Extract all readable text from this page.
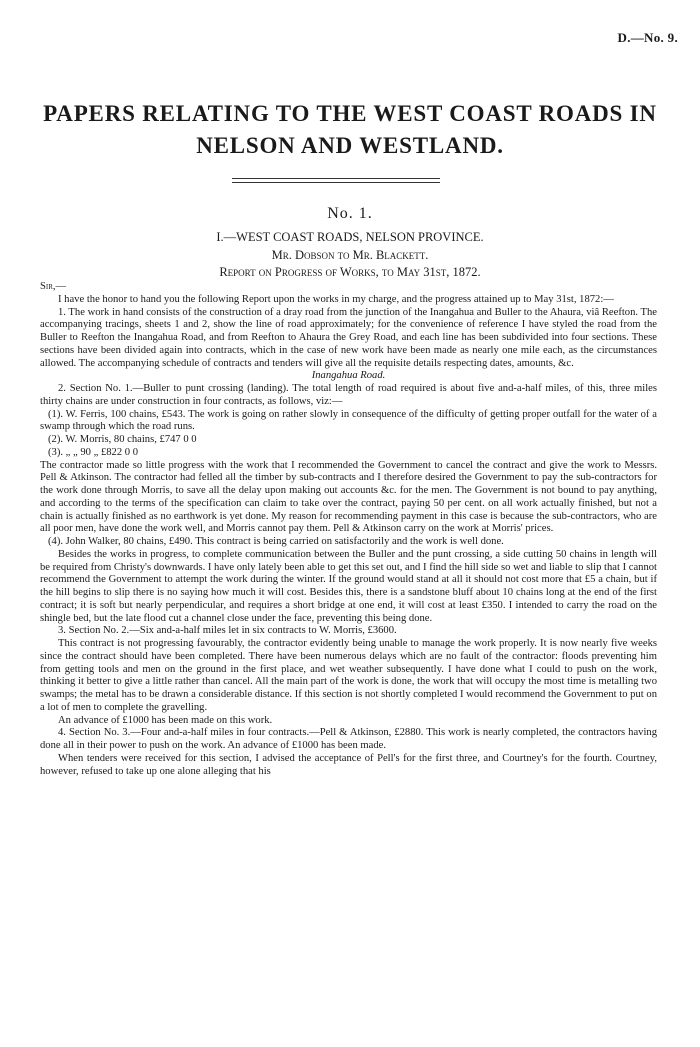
D.—No. 9.
PAPERS RELATING TO THE WEST COAST ROADS IN NELSON AND WESTLAND.
No. 1.
I.—WEST COAST ROADS, NELSON PROVINCE.
Mr. Dobson to Mr. Blackett.
Report on Progress of Works, to May 31st, 1872.

Sir,—

I have the honor to hand you the following Report upon the works in my charge, and the progress attained up to May 31st, 1872:—

1. The work in hand consists of the construction of a dray road from the junction of the Inangahua and Buller to the Ahaura, viâ Reefton. The accompanying tracings, sheets 1 and 2, show the line of road approximately; for the convenience of reference I have styled the road from the Buller to Reefton the Inangahua Road, and from Reefton to Ahaura the Grey Road, and each line has been subdivided into four sections. These sections have been divided again into contracts, which in the case of new work have been made as nearly one mile each, as the circumstances allowed. The accompanying schedule of contracts and tenders will give all the requisite details respecting dates, amounts, &c.

Inangahua Road.

2. Section No. 1.—Buller to punt crossing (landing). The total length of road required is about five and-a-half miles, of this, three miles thirty chains are under construction in four contracts, as follows, viz:—

(1). W. Ferris, 100 chains, £543. The work is going on rather slowly in consequence of the difficulty of getting proper outfall for the water of a swamp through which the road runs.

(2). W. Morris, 80 chains, £747 0 0

(3). „ „ 90 „ £822 0 0

The contractor made so little progress with the work that I recommended the Government to cancel the contract and give the work to Messrs. Pell & Atkinson. The contractor had felled all the timber by sub-contracts and I therefore desired the Government to pay the sub-contractors for the work done through Morris, to save all the delay upon making out accounts &c. for the men. The Government is not bound to pay anything, and according to the terms of the specification can claim to take over the contract, paying 50 per cent. on all work actually finished, but not a chain is actually finished as no earthwork is yet done. My reason for recommending payment in this case is because the sub-contractors, who are all poor men, have done the work well, and Morris cannot pay them. Pell & Atkinson carry on the work at Morris' prices.

(4). John Walker, 80 chains, £490. This contract is being carried on satisfactorily and the work is well done.

Besides the works in progress, to complete communication between the Buller and the punt crossing, a side cutting 50 chains in length will be required from Christy's downwards. I have only lately been able to get this set out, and I find the hill side so wet and liable to slip that I cannot recommend the Government to attempt the work during the winter. If the ground would stand at all it should not cost more that £5 a chain, but if the hill begins to slip there is no saying how much it will cost. Besides this, there is a sandstone bluff about 10 chains long at the end of the first contract; it is soft but nearly perpendicular, and requires a short bridge at one end, it will cost at least £350. I intended to carry the road on the shingle bed, but the late flood cut a channel close under the face, preventing this being done.

3. Section No. 2.—Six and-a-half miles let in six contracts to W. Morris, £3600.

This contract is not progressing favourably, the contractor evidently being unable to manage the work properly. It is now nearly five weeks since the contract should have been completed. There have been numerous delays which are no fault of the contractor: floods preventing him from getting tools and men on the ground in the first place, and wet weather subsequently. I have done what I could to push on the work, thinking it better to give a little rather than cancel. All the main part of the work is done, the work that will occupy the most time is metalling two swamps; the metal has to be drawn a considerable distance. If this section is not shortly completed I would recommend the Government to put on a lot of men to complete the gravelling.

An advance of £1000 has been made on this work.

4. Section No. 3.—Four and-a-half miles in four contracts.—Pell & Atkinson, £2880. This work is nearly completed, the contractors having done all in their power to push on the work. An advance of £1000 has been made.

When tenders were received for this section, I advised the acceptance of Pell's for the first three, and Courtney's for the fourth. Courtney, however, refused to take up one alone alleging that his
